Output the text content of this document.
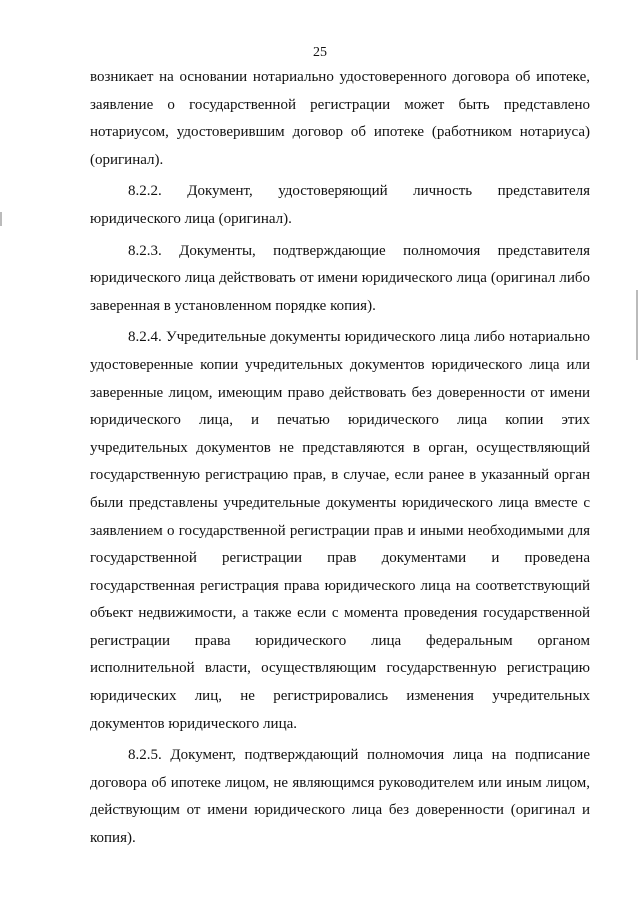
25

возникает на основании нотариально удостоверенного договора об ипотеке, заявление о государственной регистрации может быть представлено нотариусом, удостоверившим договор об ипотеке (работником нотариуса) (оригинал).

8.2.2. Документ, удостоверяющий личность представителя юридического лица (оригинал).

8.2.3. Документы, подтверждающие полномочия представителя юридического лица действовать от имени юридического лица (оригинал либо заверенная в установленном порядке копия).

8.2.4. Учредительные документы юридического лица либо нотариально удостоверенные копии учредительных документов юридического лица или заверенные лицом, имеющим право действовать без доверенности от имени юридического лица, и печатью юридического лица копии этих учредительных документов не представляются в орган, осуществляющий государственную регистрацию прав, в случае, если ранее в указанный орган были представлены учредительные документы юридического лица вместе с заявлением о государственной регистрации прав и иными необходимыми для государственной регистрации прав документами и проведена государственная регистрация права юридического лица на соответствующий объект недвижимости, а также если с момента проведения государственной регистрации права юридического лица федеральным органом исполнительной власти, осуществляющим государственную регистрацию юридических лиц, не регистрировались изменения учредительных документов юридического лица.

8.2.5. Документ, подтверждающий полномочия лица на подписание договора об ипотеке лицом, не являющимся руководителем или иным лицом, действующим от имени юридического лица без доверенности (оригинал и копия).
